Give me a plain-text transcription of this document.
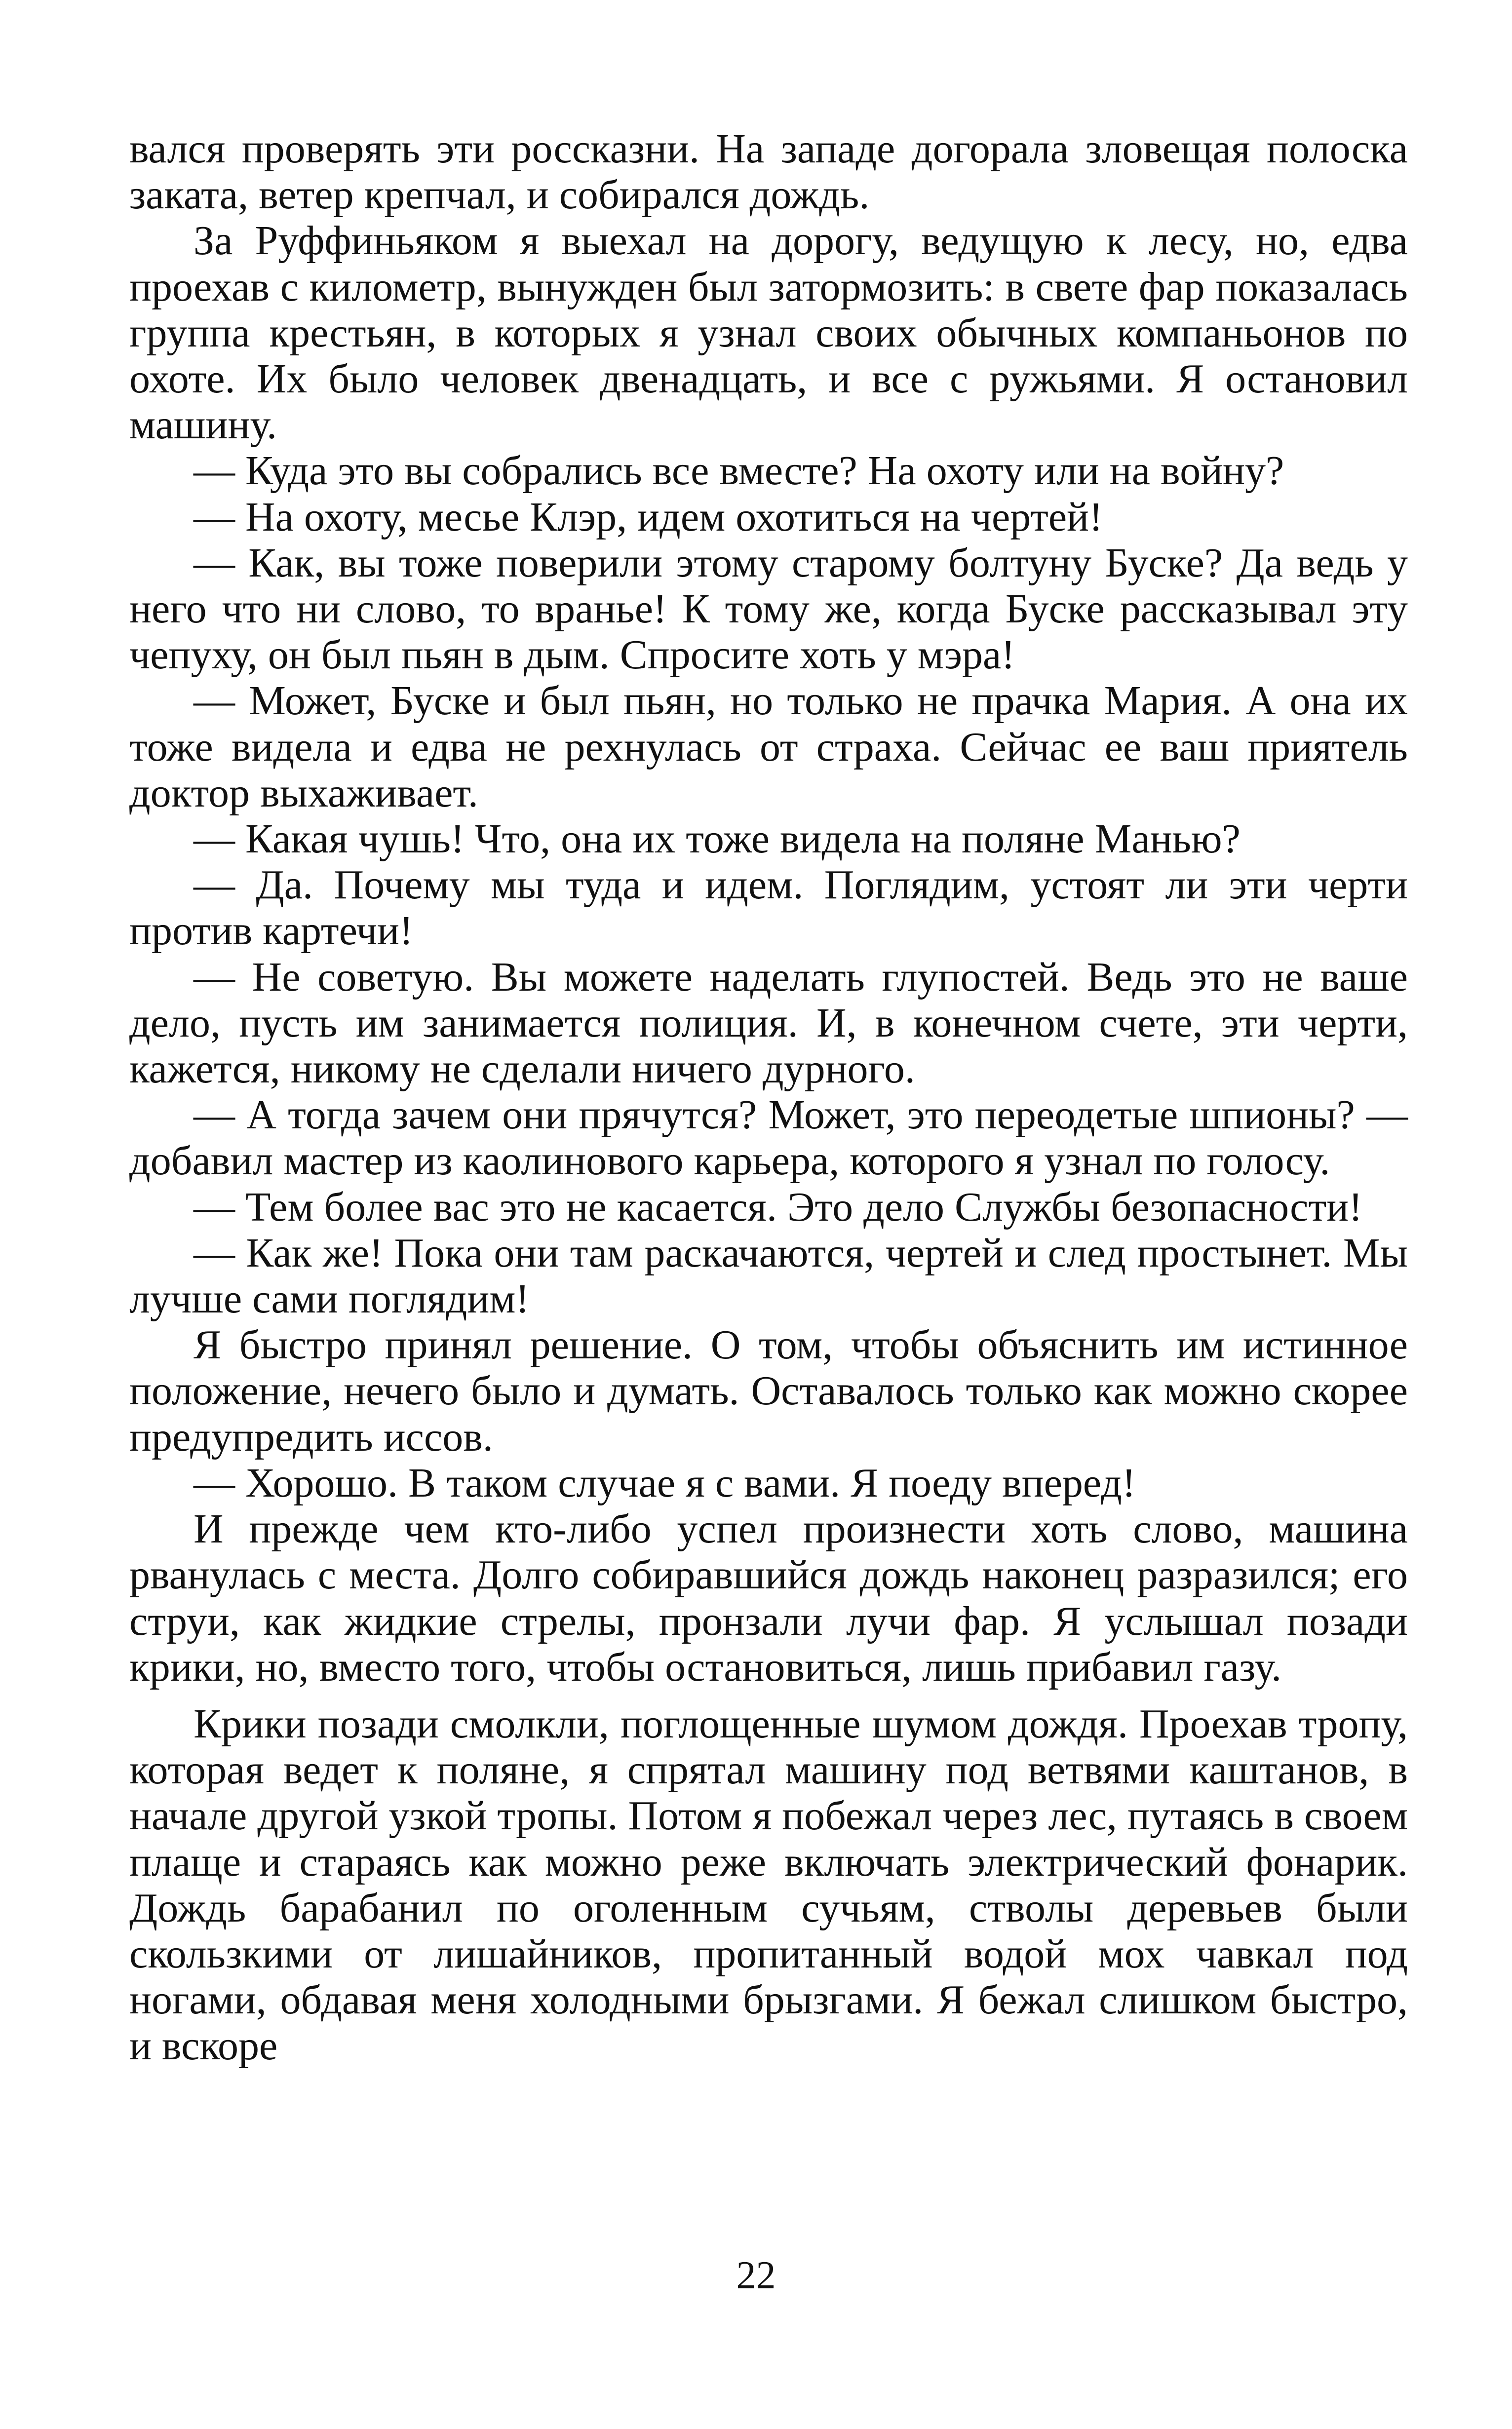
вался проверять эти россказни. На западе догорала зловещая полоска заката, ветер крепчал, и собирался дождь.

За Руффиньяком я выехал на дорогу, ведущую к лесу, но, едва проехав с километр, вынужден был затормозить: в свете фар показалась группа крестьян, в которых я узнал своих обычных компаньонов по охоте. Их было человек двенадцать, и все с ружьями. Я остановил машину.

— Куда это вы собрались все вместе? На охоту или на войну?

— На охоту, месье Клэр, идем охотиться на чертей!

— Как, вы тоже поверили этому старому болтуну Буске? Да ведь у него что ни слово, то вранье! К тому же, когда Буске рассказывал эту чепуху, он был пьян в дым. Спросите хоть у мэра!

— Может, Буске и был пьян, но только не прачка Мария. А она их тоже видела и едва не рехнулась от страха. Сейчас ее ваш приятель доктор выхаживает.

— Какая чушь! Что, она их тоже видела на поляне Манью?

— Да. Почему мы туда и идем. Поглядим, устоят ли эти черти против картечи!

— Не советую. Вы можете наделать глупостей. Ведь это не ваше дело, пусть им занимается полиция. И, в конечном счете, эти черти, кажется, никому не сделали ничего дурного.

— А тогда зачем они прячутся? Может, это переодетые шпионы? — добавил мастер из каолинового карьера, которого я узнал по голосу.

— Тем более вас это не касается. Это дело Службы безопасности!

— Как же! Пока они там раскачаются, чертей и след простынет. Мы лучше сами поглядим!

Я быстро принял решение. О том, чтобы объяснить им истинное положение, нечего было и думать. Оставалось только как можно скорее предупредить иссов.

— Хорошо. В таком случае я с вами. Я поеду вперед!

И прежде чем кто-либо успел произнести хоть слово, машина рванулась с места. Долго собиравшийся дождь наконец разразился; его струи, как жидкие стрелы, пронзали лучи фар. Я услышал позади крики, но, вместо того, чтобы остановиться, лишь прибавил газу.

Крики позади смолкли, поглощенные шумом дождя. Проехав тропу, которая ведет к поляне, я спрятал машину под ветвями каштанов, в начале другой узкой тропы. Потом я побежал через лес, путаясь в своем плаще и стараясь как можно реже включать электрический фонарик. Дождь барабанил по оголенным сучьям, стволы деревьев были скользкими от лишайников, пропитанный водой мох чавкал под ногами, обдавая меня холодными брызгами. Я бежал слишком быстро, и вскоре

22
